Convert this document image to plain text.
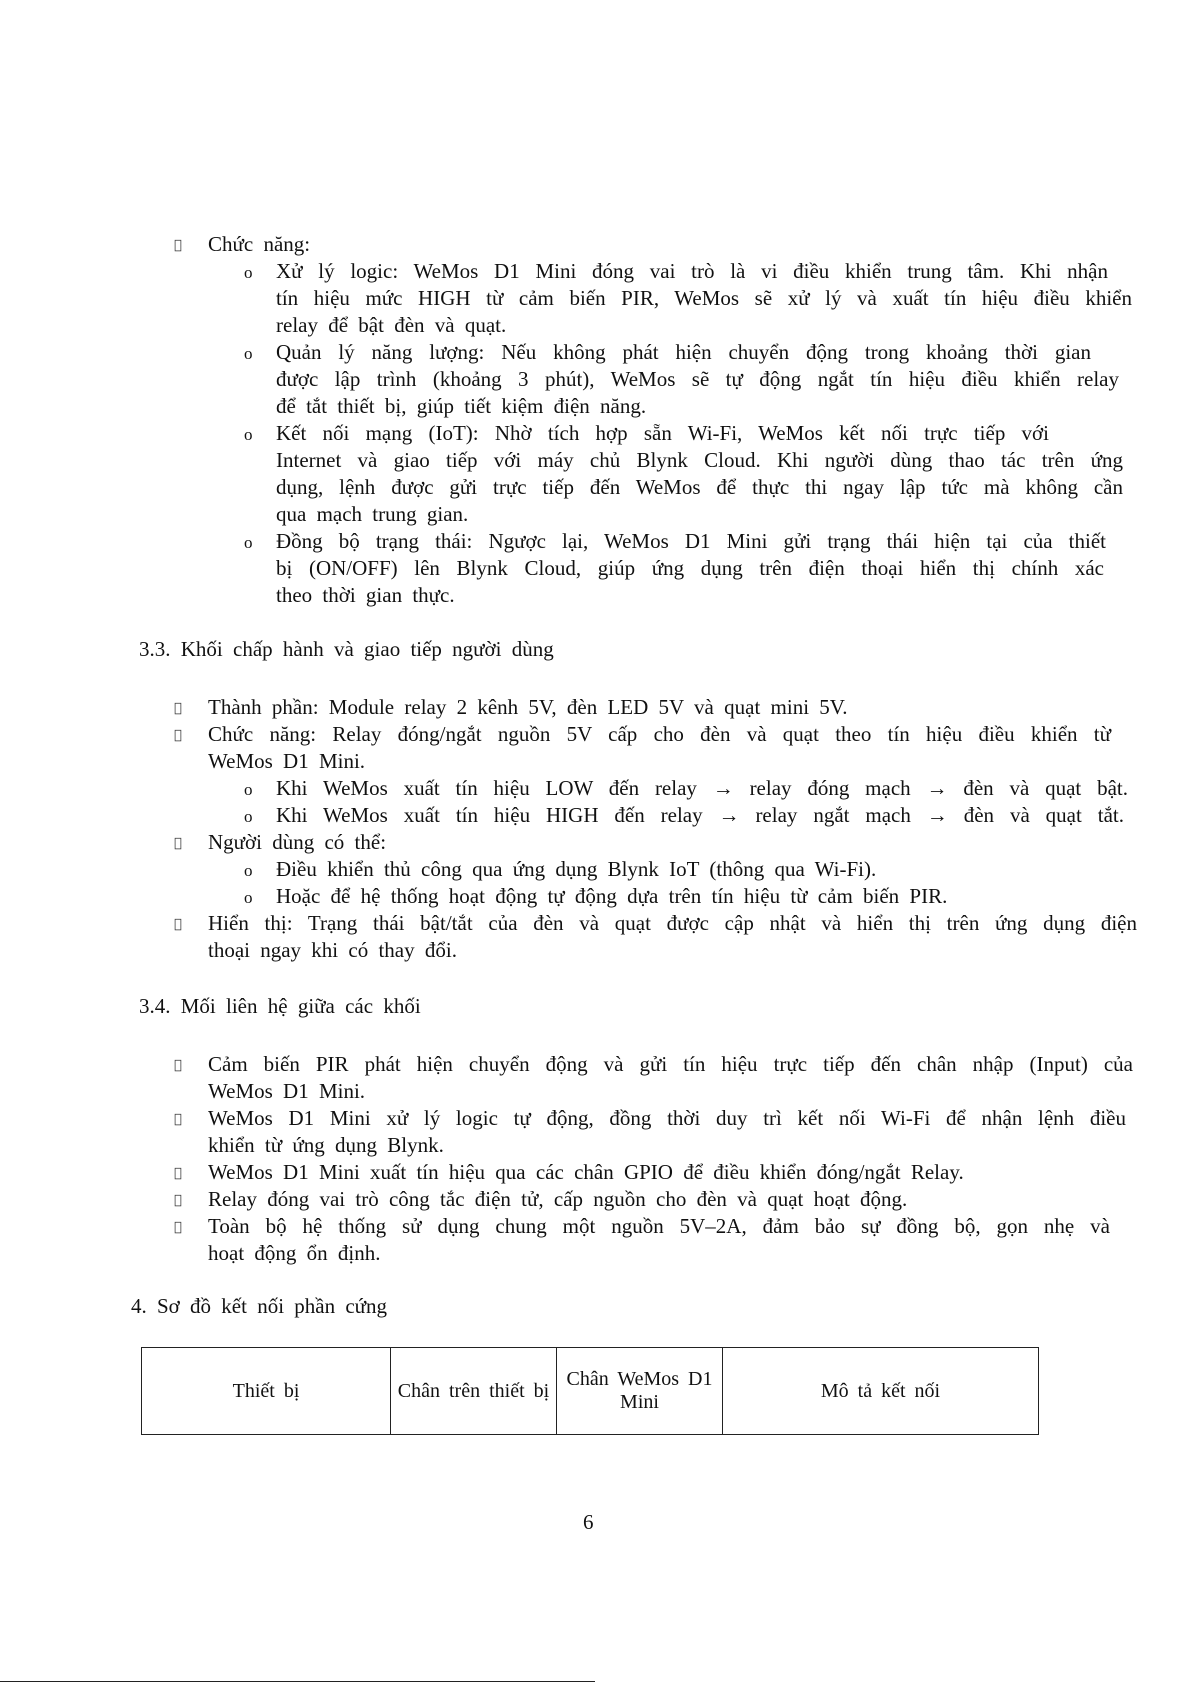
Chức năng:
o Xử lý logic: WeMos D1 Mini đóng vai trò là vi điều khiển trung tâm. Khi nhận
tín hiệu mức HIGH từ cảm biến PIR, WeMos sẽ xử lý và xuất tín hiệu điều khiển
relay để bật đèn và quạt.
o Quản lý năng lượng: Nếu không phát hiện chuyển động trong khoảng thời gian
được lập trình (khoảng 3 phút), WeMos sẽ tự động ngắt tín hiệu điều khiển relay
để tắt thiết bị, giúp tiết kiệm điện năng.
o Kết nối mạng (IoT): Nhờ tích hợp sẵn Wi-Fi, WeMos kết nối trực tiếp với
Internet và giao tiếp với máy chủ Blynk Cloud. Khi người dùng thao tác trên ứng
dụng, lệnh được gửi trực tiếp đến WeMos để thực thi ngay lập tức mà không cần
qua mạch trung gian.
o Đồng bộ trạng thái: Ngược lại, WeMos D1 Mini gửi trạng thái hiện tại của thiết
bị (ON/OFF) lên Blynk Cloud, giúp ứng dụng trên điện thoại hiển thị chính xác
theo thời gian thực.
3.3. Khối chấp hành và giao tiếp người dùng
Thành phần: Module relay 2 kênh 5V, đèn LED 5V và quạt mini 5V.
Chức năng: Relay đóng/ngắt nguồn 5V cấp cho đèn và quạt theo tín hiệu điều khiển từ
WeMos D1 Mini.
o Khi WeMos xuất tín hiệu LOW đến relay → relay đóng mạch → đèn và quạt bật.
o Khi WeMos xuất tín hiệu HIGH đến relay → relay ngắt mạch → đèn và quạt tắt.
Người dùng có thể:
o Điều khiển thủ công qua ứng dụng Blynk IoT (thông qua Wi-Fi).
o Hoặc để hệ thống hoạt động tự động dựa trên tín hiệu từ cảm biến PIR.
Hiển thị: Trạng thái bật/tắt của đèn và quạt được cập nhật và hiển thị trên ứng dụng điện
thoại ngay khi có thay đổi.
3.4. Mối liên hệ giữa các khối
Cảm biến PIR phát hiện chuyển động và gửi tín hiệu trực tiếp đến chân nhập (Input) của
WeMos D1 Mini.
WeMos D1 Mini xử lý logic tự động, đồng thời duy trì kết nối Wi-Fi để nhận lệnh điều
khiển từ ứng dụng Blynk.
WeMos D1 Mini xuất tín hiệu qua các chân GPIO để điều khiển đóng/ngắt Relay.
Relay đóng vai trò công tắc điện tử, cấp nguồn cho đèn và quạt hoạt động.
Toàn bộ hệ thống sử dụng chung một nguồn 5V–2A, đảm bảo sự đồng bộ, gọn nhẹ và
hoạt động ổn định.
4. Sơ đồ kết nối phần cứng
Thiết bị	Chân trên thiết bị	Chân WeMos D1 Mini	Mô tả kết nối
6
